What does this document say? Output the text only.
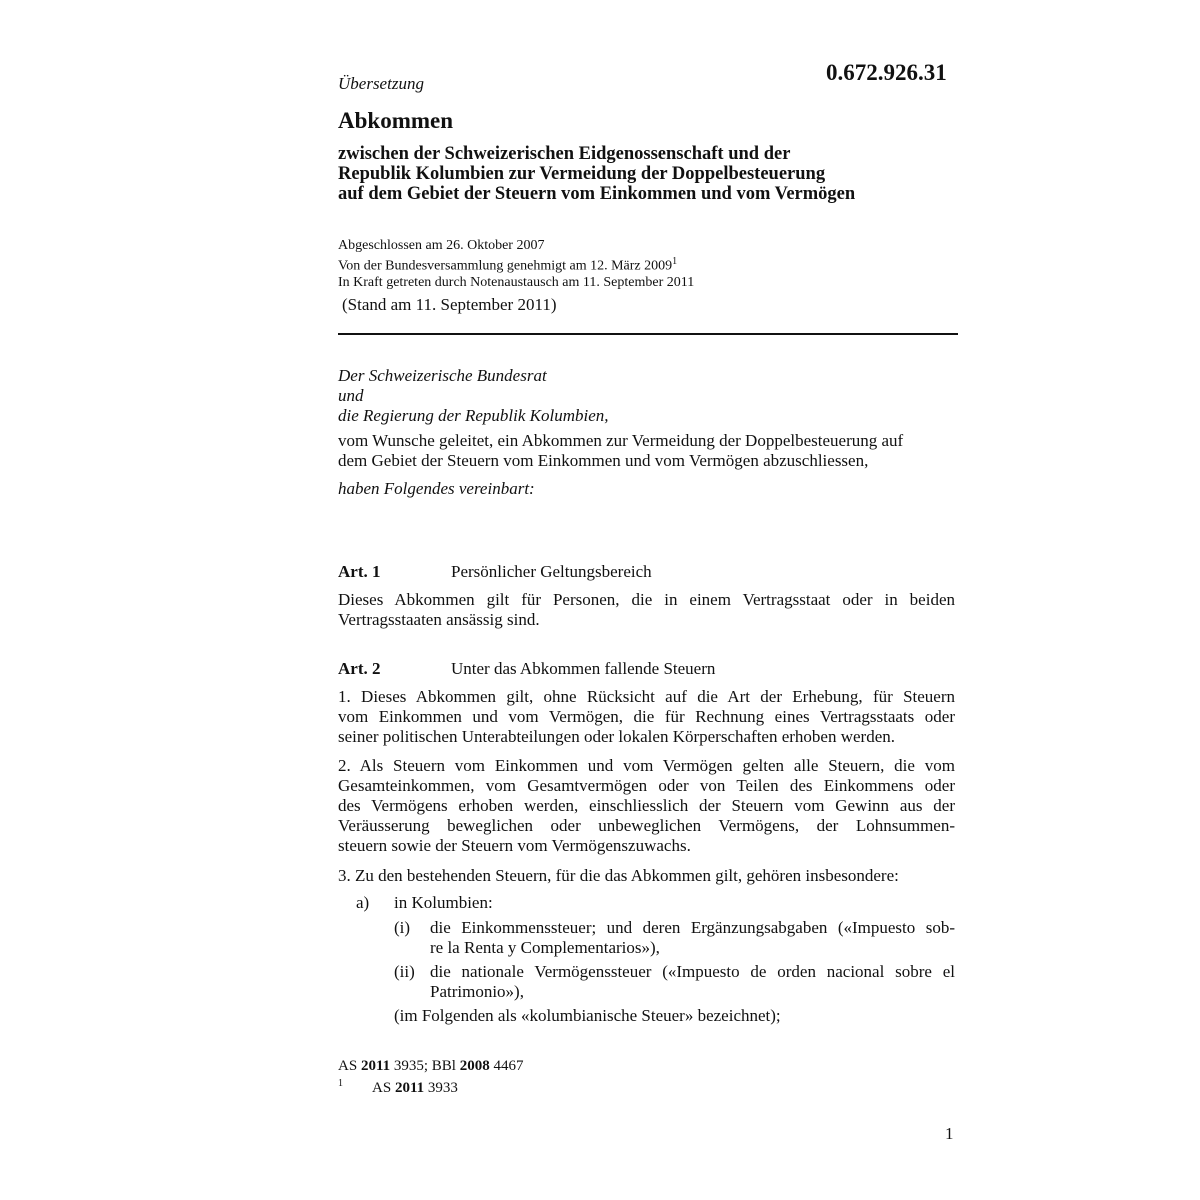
Übersetzung	0.672.926.31
Abkommen
zwischen der Schweizerischen Eidgenossenschaft und der
Republik Kolumbien zur Vermeidung der Doppelbesteuerung
auf dem Gebiet der Steuern vom Einkommen und vom Vermögen
Abgeschlossen am 26. Oktober 2007
Von der Bundesversammlung genehmigt am 12. März 2009$^1$
In Kraft getreten durch Notenaustausch am 11. September 2011
(Stand am 11. September 2011)
Der Schweizerische Bundesrat
und
die Regierung der Republik Kolumbien,
vom Wunsche geleitet, ein Abkommen zur Vermeidung der Doppelbesteuerung auf
dem Gebiet der Steuern vom Einkommen und vom Vermögen abzuschliessen,
haben Folgendes vereinbart:
Art. 1	Persönlicher Geltungsbereich
Dieses Abkommen gilt für Personen, die in einem Vertragsstaat oder in beiden
Vertragsstaaten ansässig sind.
Art. 2	Unter das Abkommen fallende Steuern
1. Dieses Abkommen gilt, ohne Rücksicht auf die Art der Erhebung, für Steuern
vom Einkommen und vom Vermögen, die für Rechnung eines Vertragsstaats oder
seiner politischen Unterabteilungen oder lokalen Körperschaften erhoben werden.
2. Als Steuern vom Einkommen und vom Vermögen gelten alle Steuern, die vom
Gesamteinkommen, vom Gesamtvermögen oder von Teilen des Einkommens oder
des Vermögens erhoben werden, einschliesslich der Steuern vom Gewinn aus der
Veräusserung beweglichen oder unbeweglichen Vermögens, der Lohnsummen-
steuern sowie der Steuern vom Vermögenszuwachs.
3. Zu den bestehenden Steuern, für die das Abkommen gilt, gehören insbesondere:
a) in Kolumbien:
(i) die Einkommenssteuer; und deren Ergänzungsabgaben («Impuesto sob-
re la Renta y Complementarios»),
(ii) die nationale Vermögenssteuer («Impuesto de orden nacional sobre el
Patrimonio»),
(im Folgenden als «kolumbianische Steuer» bezeichnet);
AS 2011 3935; BBl 2008 4467
1 AS 2011 3933
1
